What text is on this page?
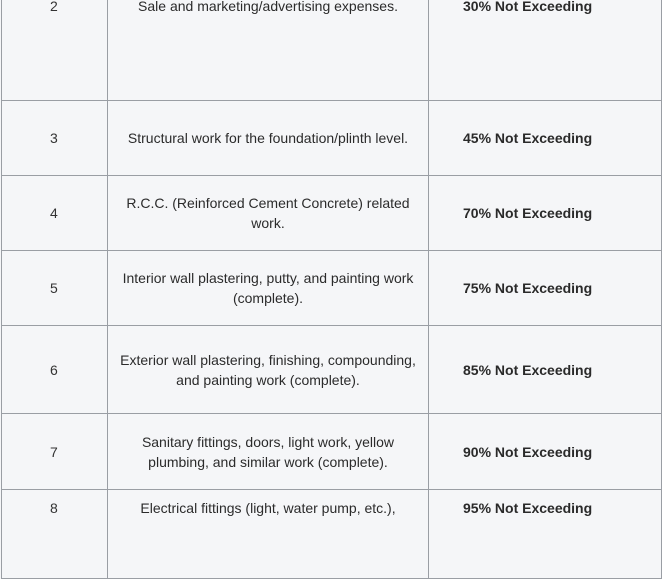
2	Sale and marketing/advertising expenses.	30% Not Exceeding
3	Structural work for the foundation/plinth level.	45% Not Exceeding
4	R.C.C. (Reinforced Cement Concrete) related work.	70% Not Exceeding
5	Interior wall plastering, putty, and painting work (complete).	75% Not Exceeding
6	Exterior wall plastering, finishing, compounding, and painting work (complete).	85% Not Exceeding
7	Sanitary fittings, doors, light work, yellow plumbing, and similar work (complete).	90% Not Exceeding
8	Electrical fittings (light, water pump, etc.),	95% Not Exceeding
